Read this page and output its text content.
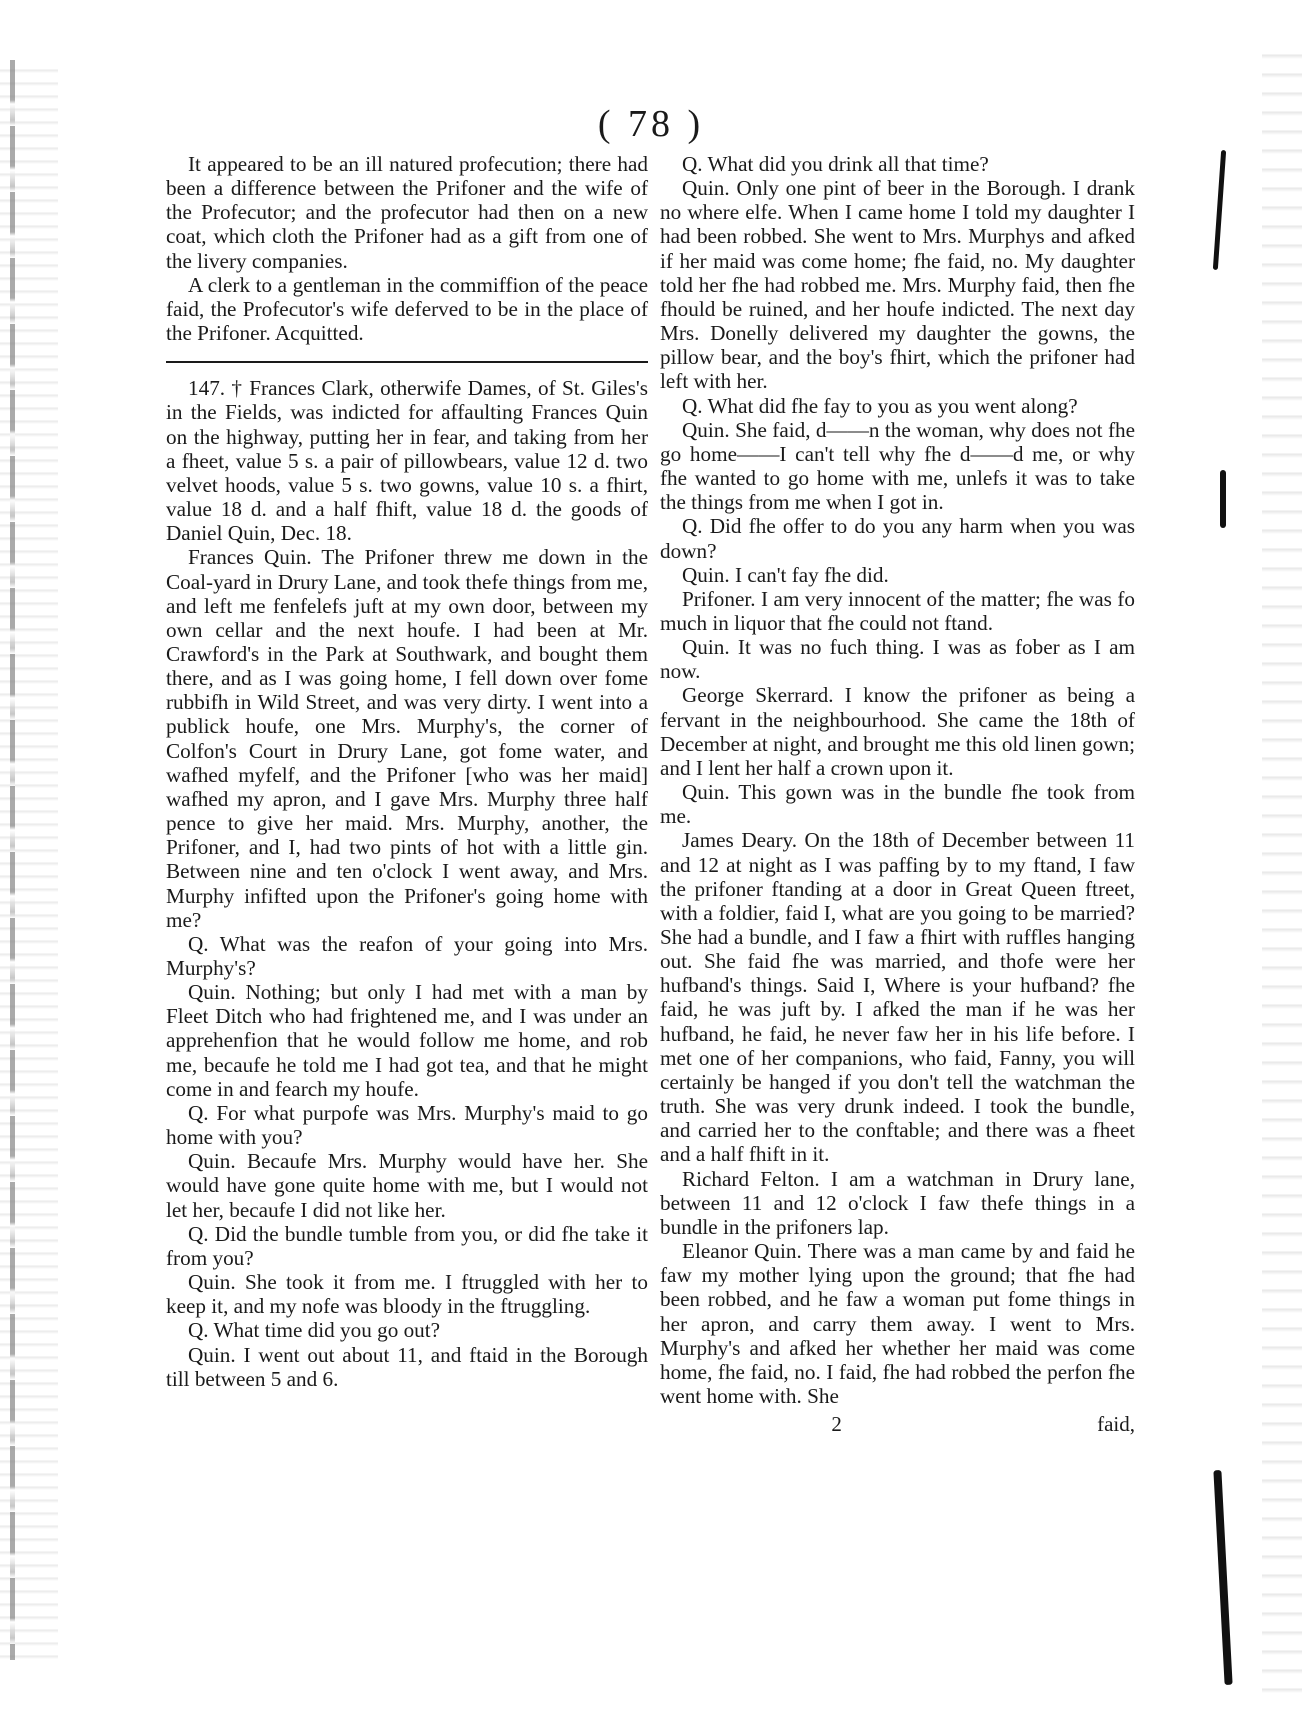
( 78 )

It appeared to be an ill natured profecution; there had been a difference between the Prifoner and the wife of the Profecutor; and the profecutor had then on a new coat, which cloth the Prifoner had as a gift from one of the livery companies.

A clerk to a gentleman in the commiffion of the peace faid, the Profecutor's wife deferved to be in the place of the Prifoner. Acquitted.

147. † Frances Clark, otherwife Dames, of St. Giles's in the Fields, was indicted for affaulting Frances Quin on the highway, putting her in fear, and taking from her a fheet, value 5 s. a pair of pillowbears, value 12 d. two velvet hoods, value 5 s. two gowns, value 10 s. a fhirt, value 18 d. and a half fhift, value 18 d. the goods of Daniel Quin, Dec. 18.

Frances Quin. The Prifoner threw me down in the Coal-yard in Drury Lane, and took thefe things from me, and left me fenfelefs juft at my own door, between my own cellar and the next houfe. I had been at Mr. Crawford's in the Park at Southwark, and bought them there, and as I was going home, I fell down over fome rubbifh in Wild Street, and was very dirty. I went into a publick houfe, one Mrs. Murphy's, the corner of Colfon's Court in Drury Lane, got fome water, and wafhed myfelf, and the Prifoner [who was her maid] wafhed my apron, and I gave Mrs. Murphy three half pence to give her maid. Mrs. Murphy, another, the Prifoner, and I, had two pints of hot with a little gin. Between nine and ten o'clock I went away, and Mrs. Murphy infifted upon the Prifoner's going home with me?

Q. What was the reafon of your going into Mrs. Murphy's?

Quin. Nothing; but only I had met with a man by Fleet Ditch who had frightened me, and I was under an apprehenfion that he would follow me home, and rob me, becaufe he told me I had got tea, and that he might come in and fearch my houfe.

Q. For what purpofe was Mrs. Murphy's maid to go home with you?

Quin. Becaufe Mrs. Murphy would have her. She would have gone quite home with me, but I would not let her, becaufe I did not like her.

Q. Did the bundle tumble from you, or did fhe take it from you?

Quin. She took it from me. I ftruggled with her to keep it, and my nofe was bloody in the ftruggling.

Q. What time did you go out?

Quin. I went out about 11, and ftaid in the Borough till between 5 and 6.

Q. What did you drink all that time?

Quin. Only one pint of beer in the Borough. I drank no where elfe. When I came home I told my daughter I had been robbed. She went to Mrs. Murphys and afked if her maid was come home; fhe faid, no. My daughter told her fhe had robbed me. Mrs. Murphy faid, then fhe fhould be ruined, and her houfe indicted. The next day Mrs. Donelly delivered my daughter the gowns, the pillow bear, and the boy's fhirt, which the prifoner had left with her.

Q. What did fhe fay to you as you went along?

Quin. She faid, d——n the woman, why does not fhe go home——I can't tell why fhe d——d me, or why fhe wanted to go home with me, unlefs it was to take the things from me when I got in.

Q. Did fhe offer to do you any harm when you was down?

Quin. I can't fay fhe did.

Prifoner. I am very innocent of the matter; fhe was fo much in liquor that fhe could not ftand.

Quin. It was no fuch thing. I was as fober as I am now.

George Skerrard. I know the prifoner as being a fervant in the neighbourhood. She came the 18th of December at night, and brought me this old linen gown; and I lent her half a crown upon it.

Quin. This gown was in the bundle fhe took from me.

James Deary. On the 18th of December between 11 and 12 at night as I was paffing by to my ftand, I faw the prifoner ftanding at a door in Great Queen ftreet, with a foldier, faid I, what are you going to be married? She had a bundle, and I faw a fhirt with ruffles hanging out. She faid fhe was married, and thofe were her hufband's things. Said I, Where is your hufband? fhe faid, he was juft by. I afked the man if he was her hufband, he faid, he never faw her in his life before. I met one of her companions, who faid, Fanny, you will certainly be hanged if you don't tell the watchman the truth. She was very drunk indeed. I took the bundle, and carried her to the conftable; and there was a fheet and a half fhift in it.

Richard Felton. I am a watchman in Drury lane, between 11 and 12 o'clock I faw thefe things in a bundle in the prifoners lap.

Eleanor Quin. There was a man came by and faid he faw my mother lying upon the ground; that fhe had been robbed, and he faw a woman put fome things in her apron, and carry them away. I went to Mrs. Murphy's and afked her whether her maid was come home, fhe faid, no. I faid, fhe had robbed the perfon fhe went home with. She

2	faid,
